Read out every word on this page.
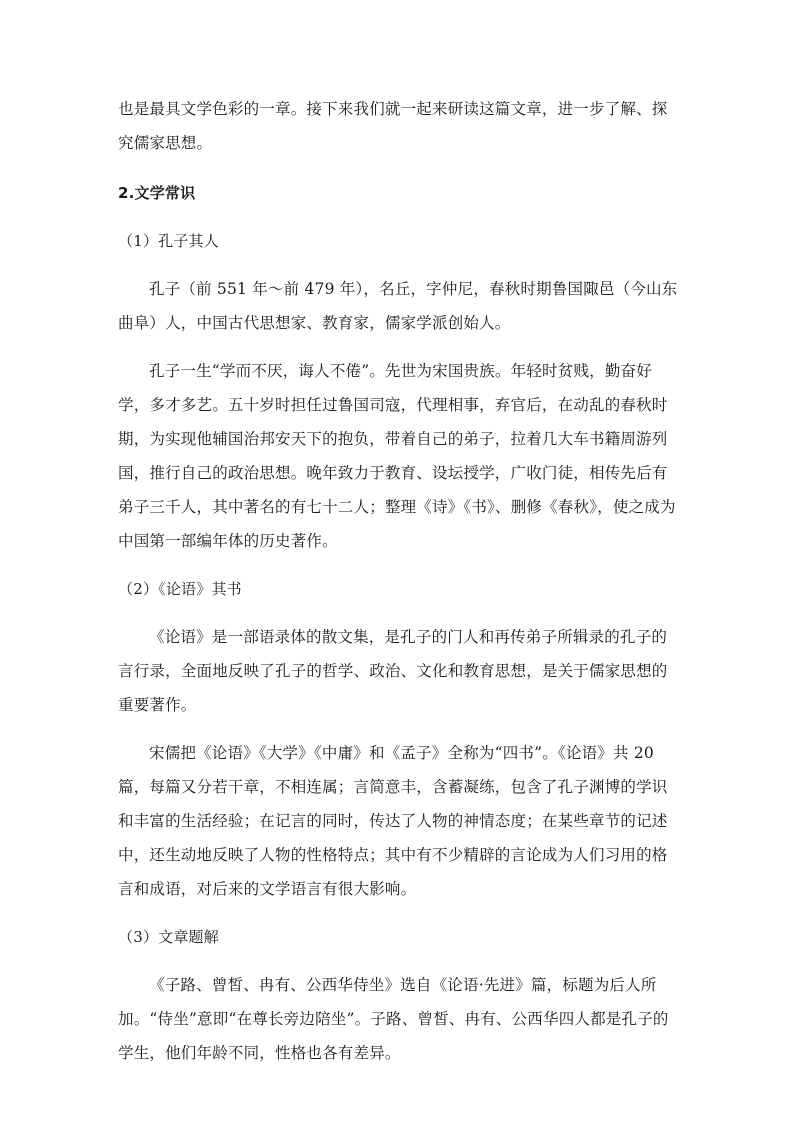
也是最具文学色彩的一章。接下来我们就一起来研读这篇文章，进一步了解、探究儒家思想。

2.文学常识

（1）孔子其人

孔子（前 551 年～前 479 年），名丘，字仲尼，春秋时期鲁国陬邑（今山东曲阜）人，中国古代思想家、教育家，儒家学派创始人。

孔子一生“学而不厌，诲人不倦”。先世为宋国贵族。年轻时贫贱，勤奋好学，多才多艺。五十岁时担任过鲁国司寇，代理相事，弃官后，在动乱的春秋时期，为实现他辅国治邦安天下的抱负，带着自己的弟子，拉着几大车书籍周游列国，推行自己的政治思想。晚年致力于教育、设坛授学，广收门徒，相传先后有弟子三千人，其中著名的有七十二人；整理《诗》《书》、删修《春秋》，使之成为中国第一部编年体的历史著作。

（2）《论语》其书

《论语》是一部语录体的散文集，是孔子的门人和再传弟子所辑录的孔子的言行录，全面地反映了孔子的哲学、政治、文化和教育思想，是关于儒家思想的重要著作。

宋儒把《论语》《大学》《中庸》和《孟子》全称为“四书”。《论语》共 20 篇，每篇又分若干章，不相连属；言简意丰，含蓄凝练，包含了孔子渊博的学识和丰富的生活经验；在记言的同时，传达了人物的神情态度；在某些章节的记述中，还生动地反映了人物的性格特点；其中有不少精辟的言论成为人们习用的格言和成语，对后来的文学语言有很大影响。

（3）文章题解

《子路、曾皙、冉有、公西华侍坐》选自《论语·先进》篇，标题为后人所加。“侍坐”意即“在尊长旁边陪坐”。子路、曾皙、冉有、公西华四人都是孔子的学生，他们年龄不同，性格也各有差异。
